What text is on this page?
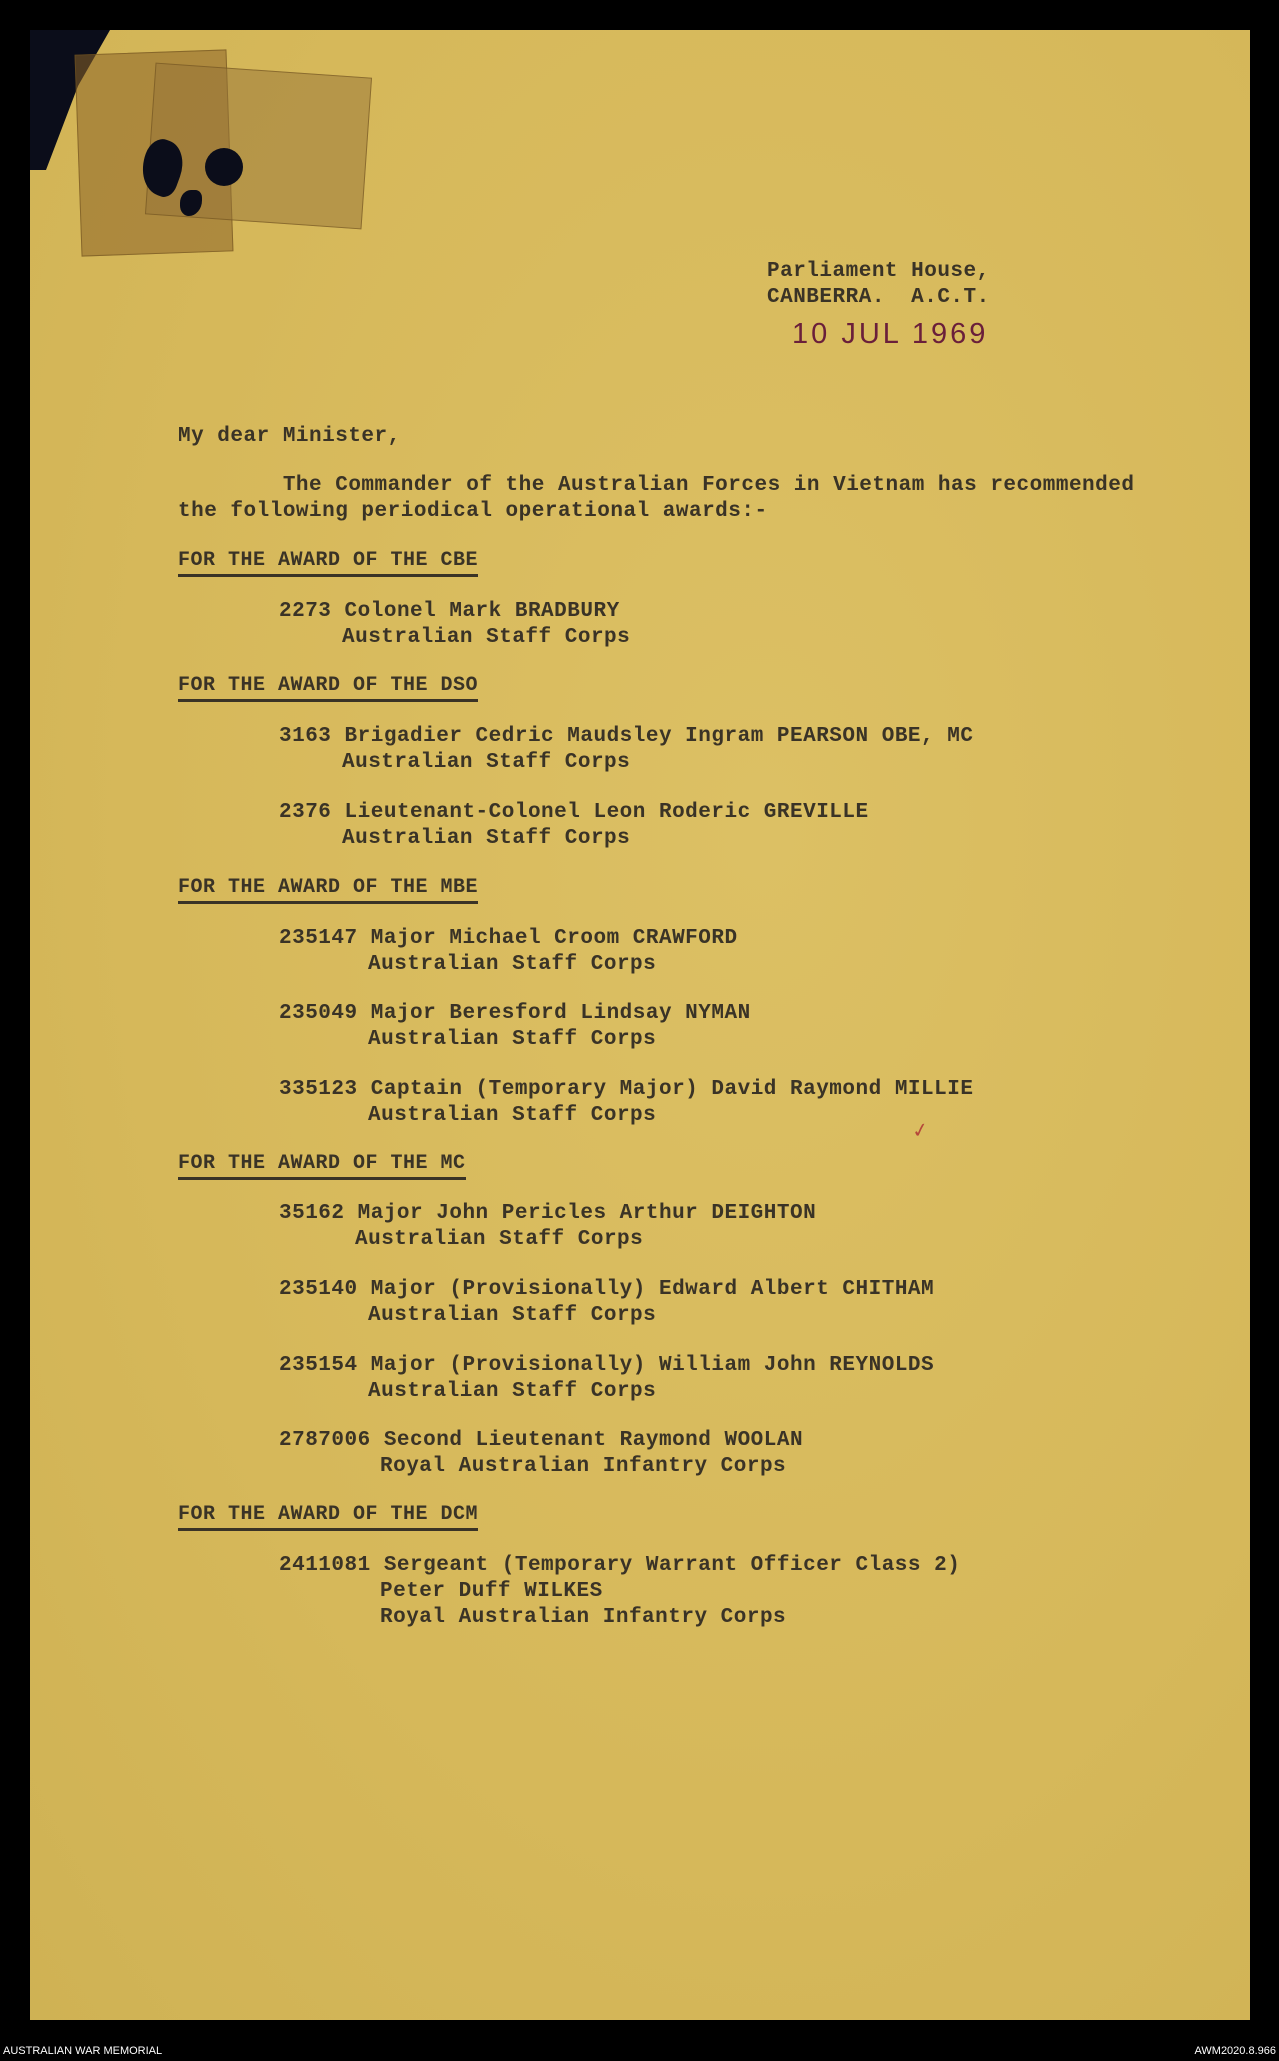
Parliament House,
CANBERRA.  A.C.T.
10 JUL 1969
My dear Minister,
The Commander of the Australian Forces in Vietnam has recommended
the following periodical operational awards:-
FOR THE AWARD OF THE CBE
2273 Colonel Mark BRADBURY
Australian Staff Corps
FOR THE AWARD OF THE DSO
3163 Brigadier Cedric Maudsley Ingram PEARSON OBE, MC
Australian Staff Corps
2376 Lieutenant-Colonel Leon Roderic GREVILLE
Australian Staff Corps
FOR THE AWARD OF THE MBE
235147 Major Michael Croom CRAWFORD
Australian Staff Corps
235049 Major Beresford Lindsay NYMAN
Australian Staff Corps
335123 Captain (Temporary Major) David Raymond MILLIE
Australian Staff Corps
✓
FOR THE AWARD OF THE MC
35162 Major John Pericles Arthur DEIGHTON
Australian Staff Corps
235140 Major (Provisionally) Edward Albert CHITHAM
Australian Staff Corps
235154 Major (Provisionally) William John REYNOLDS
Australian Staff Corps
2787006 Second Lieutenant Raymond WOOLAN
Royal Australian Infantry Corps
FOR THE AWARD OF THE DCM
2411081 Sergeant (Temporary Warrant Officer Class 2)
Peter Duff WILKES
Royal Australian Infantry Corps
AUSTRALIAN WAR MEMORIAL	AWM2020.8.966
